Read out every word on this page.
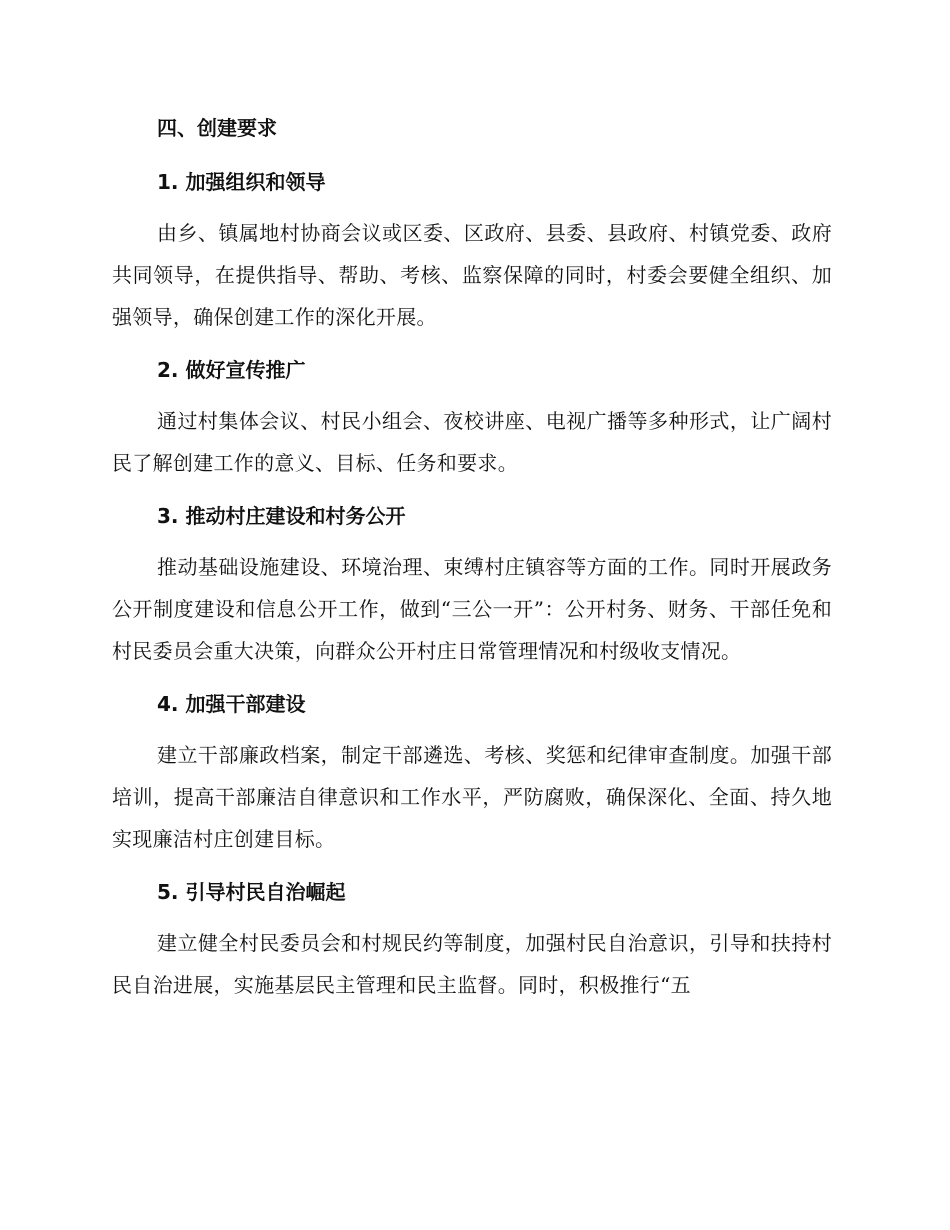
四、创建要求
1. 加强组织和领导

由乡、镇属地村协商会议或区委、区政府、县委、县政府、村镇党委、政府共同领导，在提供指导、帮助、考核、监察保障的同时，村委会要健全组织、加强领导，确保创建工作的深化开展。

2. 做好宣传推广

通过村集体会议、村民小组会、夜校讲座、电视广播等多种形式，让广阔村民了解创建工作的意义、目标、任务和要求。

3. 推动村庄建设和村务公开

推动基础设施建设、环境治理、束缚村庄镇容等方面的工作。同时开展政务公开制度建设和信息公开工作，做到“三公一开”：公开村务、财务、干部任免和村民委员会重大决策，向群众公开村庄日常管理情况和村级收支情况。

4. 加强干部建设

建立干部廉政档案，制定干部遴选、考核、奖惩和纪律审查制度。加强干部培训，提高干部廉洁自律意识和工作水平，严防腐败，确保深化、全面、持久地实现廉洁村庄创建目标。

5. 引导村民自治崛起

建立健全村民委员会和村规民约等制度，加强村民自治意识，引导和扶持村民自治进展，实施基层民主管理和民主监督。同时，积极推行“五
